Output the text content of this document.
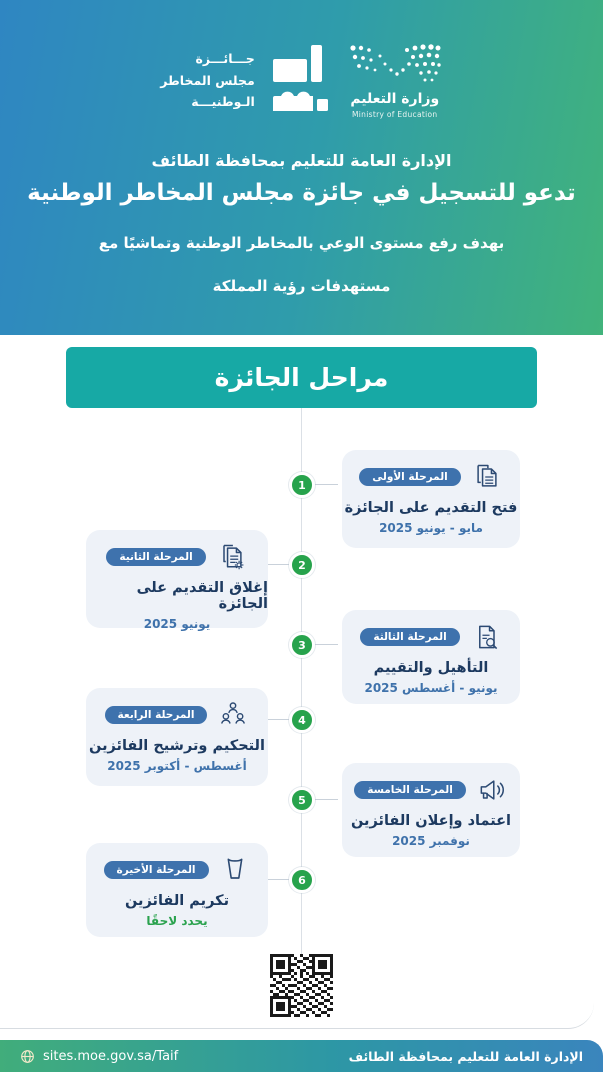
جـــائـــزة
مجلس المخاطر
الـوطنيـــة	وزارة التعليم
Ministry of Education
الإدارة العامة للتعليم بمحافظة الطائف
تدعو للتسجيل في جائزة مجلس المخاطر الوطنية
بهدف رفع مستوى الوعي بالمخاطر الوطنية وتماشيًا مع
مستهدفات رؤية المملكة
مراحل الجائزة
المرحلة الأولى
فتح التقديم على الجائزة
مايو - يونيو 2025
1
المرحلة الثانية
إغلاق التقديم على الجائزة
يونيو 2025
2
المرحلة الثالثة
التأهيل والتقييم
يونيو - أغسطس 2025
3
المرحلة الرابعة
التحكيم وترشيح الفائزين
أغسطس - أكتوبر 2025
4
المرحلة الخامسة
اعتماد وإعلان الفائزين
نوفمبر 2025
5
المرحلة الأخيرة
تكريم الفائزين
يحدد لاحقًا
6
sites.moe.gov.sa/Taif	الإدارة العامة للتعليم بمحافظة الطائف
